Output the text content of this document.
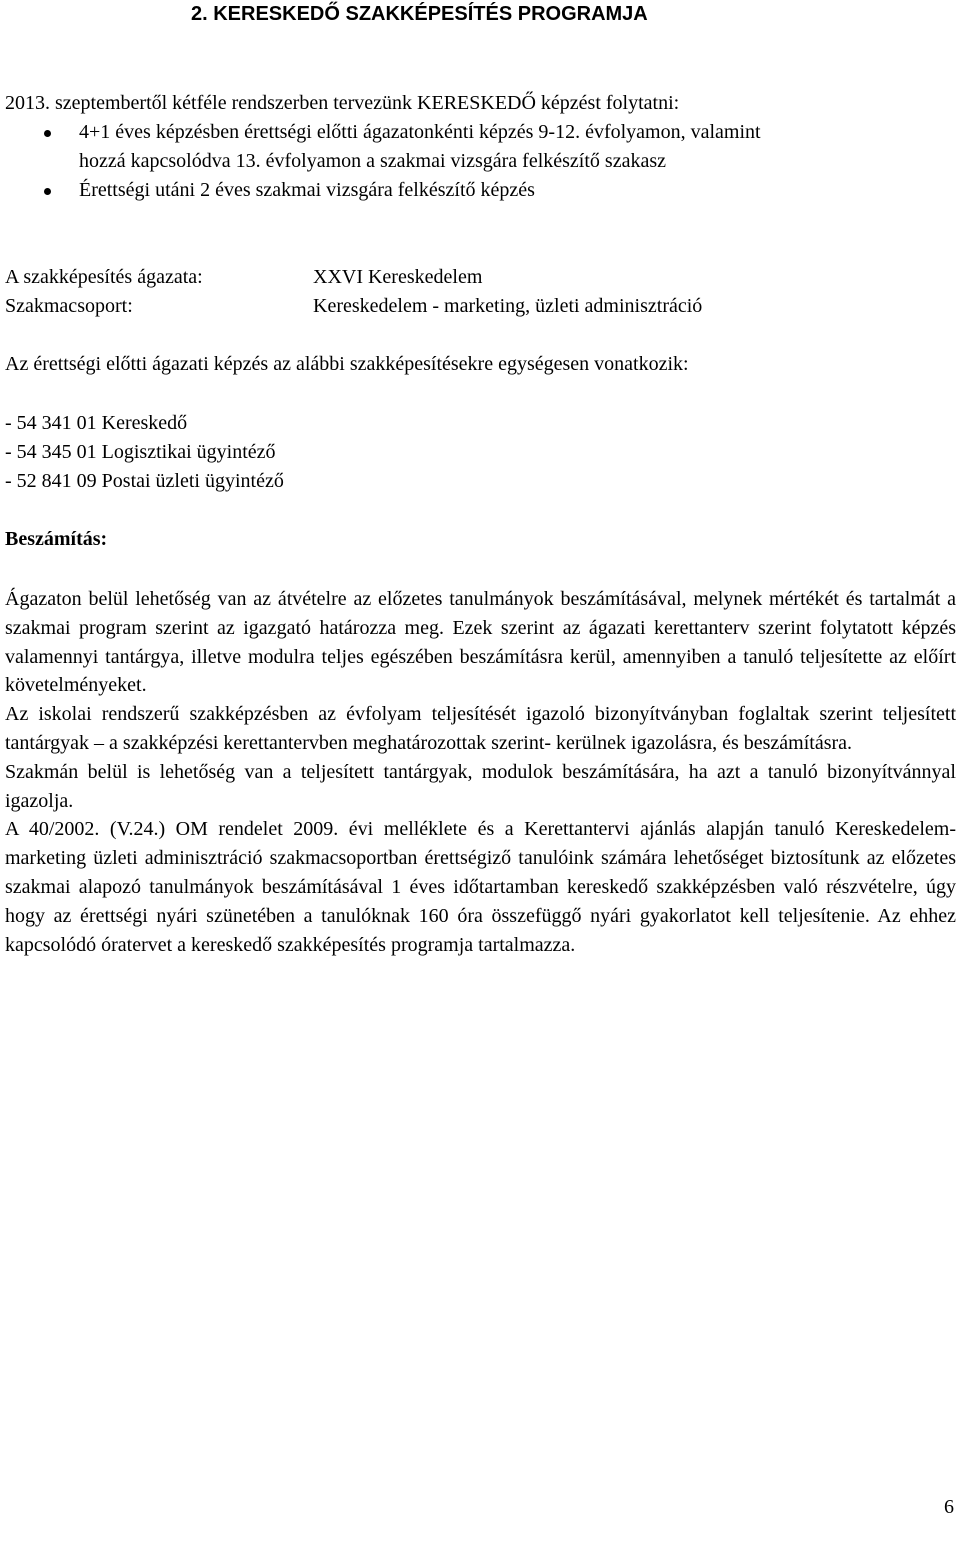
2. KERESKEDŐ SZAKKÉPESÍTÉS PROGRAMJA
2013. szeptembertől kétféle rendszerben tervezünk KERESKEDŐ képzést folytatni:
4+1 éves képzésben érettségi előtti ágazatonkénti képzés 9-12. évfolyamon, valamint
hozzá kapcsolódva 13. évfolyamon a szakmai vizsgára felkészítő szakasz
Érettségi utáni 2 éves szakmai vizsgára felkészítő képzés
A szakképesítés ágazata:	XXVI Kereskedelem
Szakmacsoport:	Kereskedelem - marketing, üzleti adminisztráció
Az érettségi előtti ágazati képzés az alábbi szakképesítésekre egységesen vonatkozik:
- 54 341 01 Kereskedő
- 54 345 01 Logisztikai ügyintéző
- 52 841 09 Postai üzleti ügyintéző
Beszámítás:

Ágazaton belül lehetőség van az átvételre az előzetes tanulmányok beszámításával, melynek mértékét és tartalmát a szakmai program szerint az igazgató határozza meg. Ezek szerint az ágazati kerettanterv szerint folytatott képzés valamennyi tantárgya, illetve modulra teljes egészében beszámításra kerül, amennyiben a tanuló teljesítette az előírt követelményeket.

Az iskolai rendszerű szakképzésben az évfolyam teljesítését igazoló bizonyítványban foglaltak szerint teljesített tantárgyak – a szakképzési kerettantervben meghatározottak szerint- kerülnek igazolásra, és beszámításra.

Szakmán belül is lehetőség van a teljesített tantárgyak, modulok beszámítására, ha azt a tanuló bizonyítvánnyal igazolja.

A 40/2002. (V.24.) OM rendelet 2009. évi melléklete és a Kerettantervi ajánlás alapján tanuló Kereskedelem-marketing üzleti adminisztráció szakmacsoportban érettségiző tanulóink számára lehetőséget biztosítunk az előzetes szakmai alapozó tanulmányok beszámításával 1 éves időtartamban kereskedő szakképzésben való részvételre, úgy hogy az érettségi nyári szünetében a tanulóknak 160 óra összefüggő nyári gyakorlatot kell teljesítenie. Az ehhez kapcsolódó óratervet a kereskedő szakképesítés programja tartalmazza.

6
